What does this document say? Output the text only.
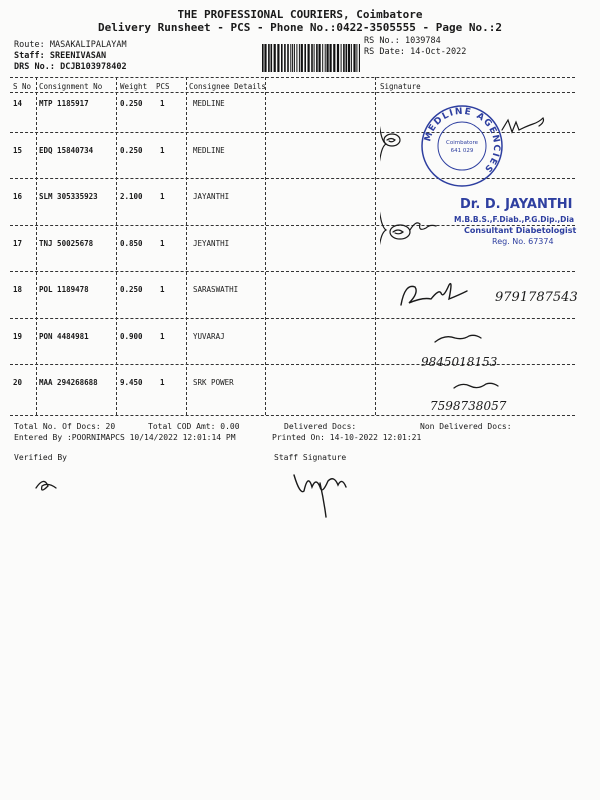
THE PROFESSIONAL COURIERS, Coimbatore
Delivery Runsheet - PCS - Phone No.:0422-3505555 - Page No.:2
Route: MASAKALIPALAYAM
Staff: SREENIVASAN
DRS No.: DCJB103978402
RS No.: 1039784
RS Date: 14-Oct-2022
S No Consignment No Weight PCS	Consignee Details	Signature
14 MTP 1185917	0.250 1	MEDLINE
15 EDQ 15840734	0.250 1	MEDLINE
16 SLM 305335923	2.100 1	JAYANTHI
17 TNJ 50025678	0.850 1	JEYANTHI
18 POL 1189478	0.250 1	SARASWATHI
19 PON 4484981	0.900 1	YUVARAJ
20 MAA 294268688	9.450 1	SRK POWER
MEDLINE AGENCIES
Coimbatore
641 029
Dr. D. JAYANTHI
M.B.B.S.,F.Diab.,P.G.Dip.,Dia
Consultant Diabetologist
Reg. No. 67374
9791787543
9845018153
7598738057
Total No. Of Docs: 20	Total COD Amt: 0.00	Delivered Docs:	Non Delivered Docs:
Entered By :POORNIMAPCS 10/14/2022 12:01:14 PM	Printed On: 14-10-2022 12:01:21
Verified By	Staff Signature
